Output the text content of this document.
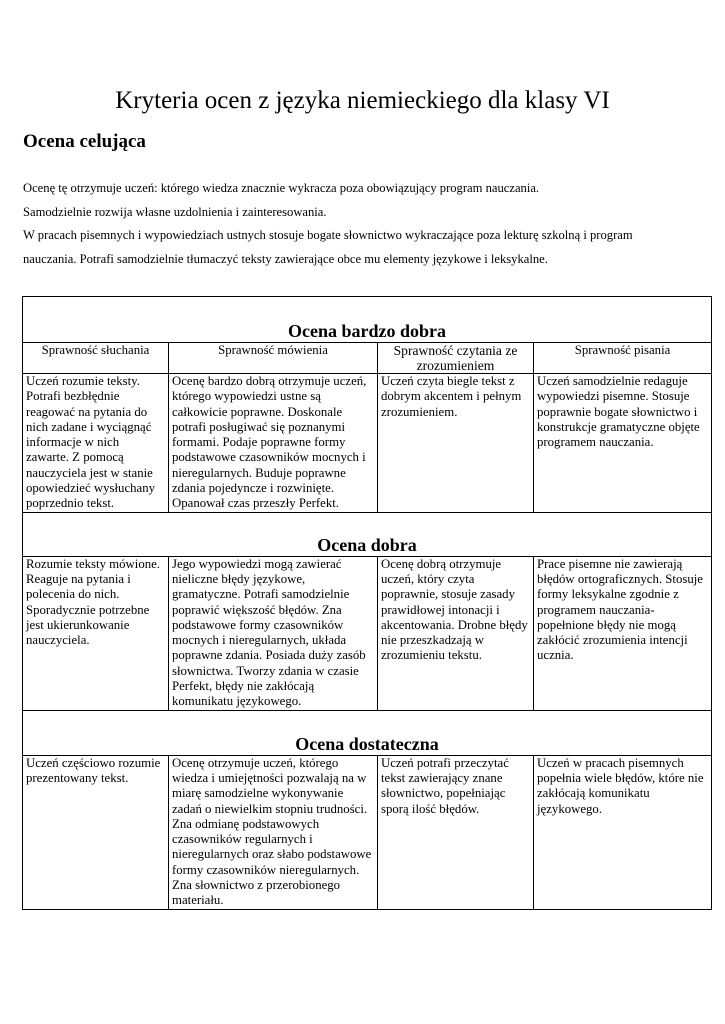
Kryteria ocen z języka niemieckiego dla klasy VI
Ocena celująca

Ocenę tę otrzymuje uczeń: którego wiedza znacznie wykracza poza obowiązujący program nauczania.

Samodzielnie rozwija własne uzdolnienia i zainteresowania.

W pracach pisemnych i wypowiedziach ustnych stosuje bogate słownictwo wykraczające poza lekturę szkolną i program

nauczania. Potrafi samodzielnie tłumaczyć teksty zawierające obce mu elementy językowe i leksykalne.

Ocena bardzo dobra			
Sprawność słuchania	Sprawność mówienia	Sprawność czytania ze zrozumieniem	Sprawność pisania
Uczeń rozumie teksty. Potrafi bezbłędnie reagować na pytania do nich zadane i wyciągnąć informacje w nich zawarte. Z pomocą nauczyciela jest w stanie opowiedzieć wysłuchany poprzednio tekst.	Ocenę bardzo dobrą otrzymuje uczeń, którego wypowiedzi ustne są całkowicie poprawne. Doskonale potrafi posługiwać się poznanymi formami. Podaje poprawne formy podstawowe czasowników mocnych i nieregularnych. Buduje poprawne zdania pojedyncze i rozwinięte. Opanował czas przeszły Perfekt.	Uczeń czyta biegle tekst z dobrym akcentem i pełnym zrozumieniem.	Uczeń samodzielnie redaguje wypowiedzi pisemne. Stosuje poprawnie bogate słownictwo i konstrukcje gramatyczne objęte programem nauczania.
Ocena dobra			
Rozumie teksty mówione. Reaguje na pytania i polecenia do nich. Sporadycznie potrzebne jest ukierunkowanie nauczyciela.	Jego wypowiedzi mogą zawierać nieliczne błędy językowe, gramatyczne. Potrafi samodzielnie poprawić większość błędów. Zna podstawowe formy czasowników mocnych i nieregularnych, układa poprawne zdania. Posiada duży zasób słownictwa. Tworzy zdania w czasie Perfekt, błędy nie zakłócają komunikatu językowego.	Ocenę dobrą otrzymuje uczeń, który czyta poprawnie, stosuje zasady prawidłowej intonacji i akcentowania. Drobne błędy nie przeszkadzają w zrozumieniu tekstu.	Prace pisemne nie zawierają błędów ortograficznych. Stosuje formy leksykalne zgodnie z programem nauczania- popełnione błędy nie mogą zakłócić zrozumienia intencji ucznia.
Ocena dostateczna			
Uczeń częściowo rozumie prezentowany tekst.	Ocenę otrzymuje uczeń, którego wiedza i umiejętności pozwalają na w miarę samodzielne wykonywanie zadań o niewielkim stopniu trudności. Zna odmianę podstawowych czasowników regularnych i nieregularnych oraz słabo podstawowe formy czasowników nieregularnych. Zna słownictwo z przerobionego materiału.	Uczeń potrafi przeczytać tekst zawierający znane słownictwo, popełniając sporą ilość błędów.	Uczeń w pracach pisemnych popełnia wiele błędów, które nie zakłócają komunikatu językowego.
